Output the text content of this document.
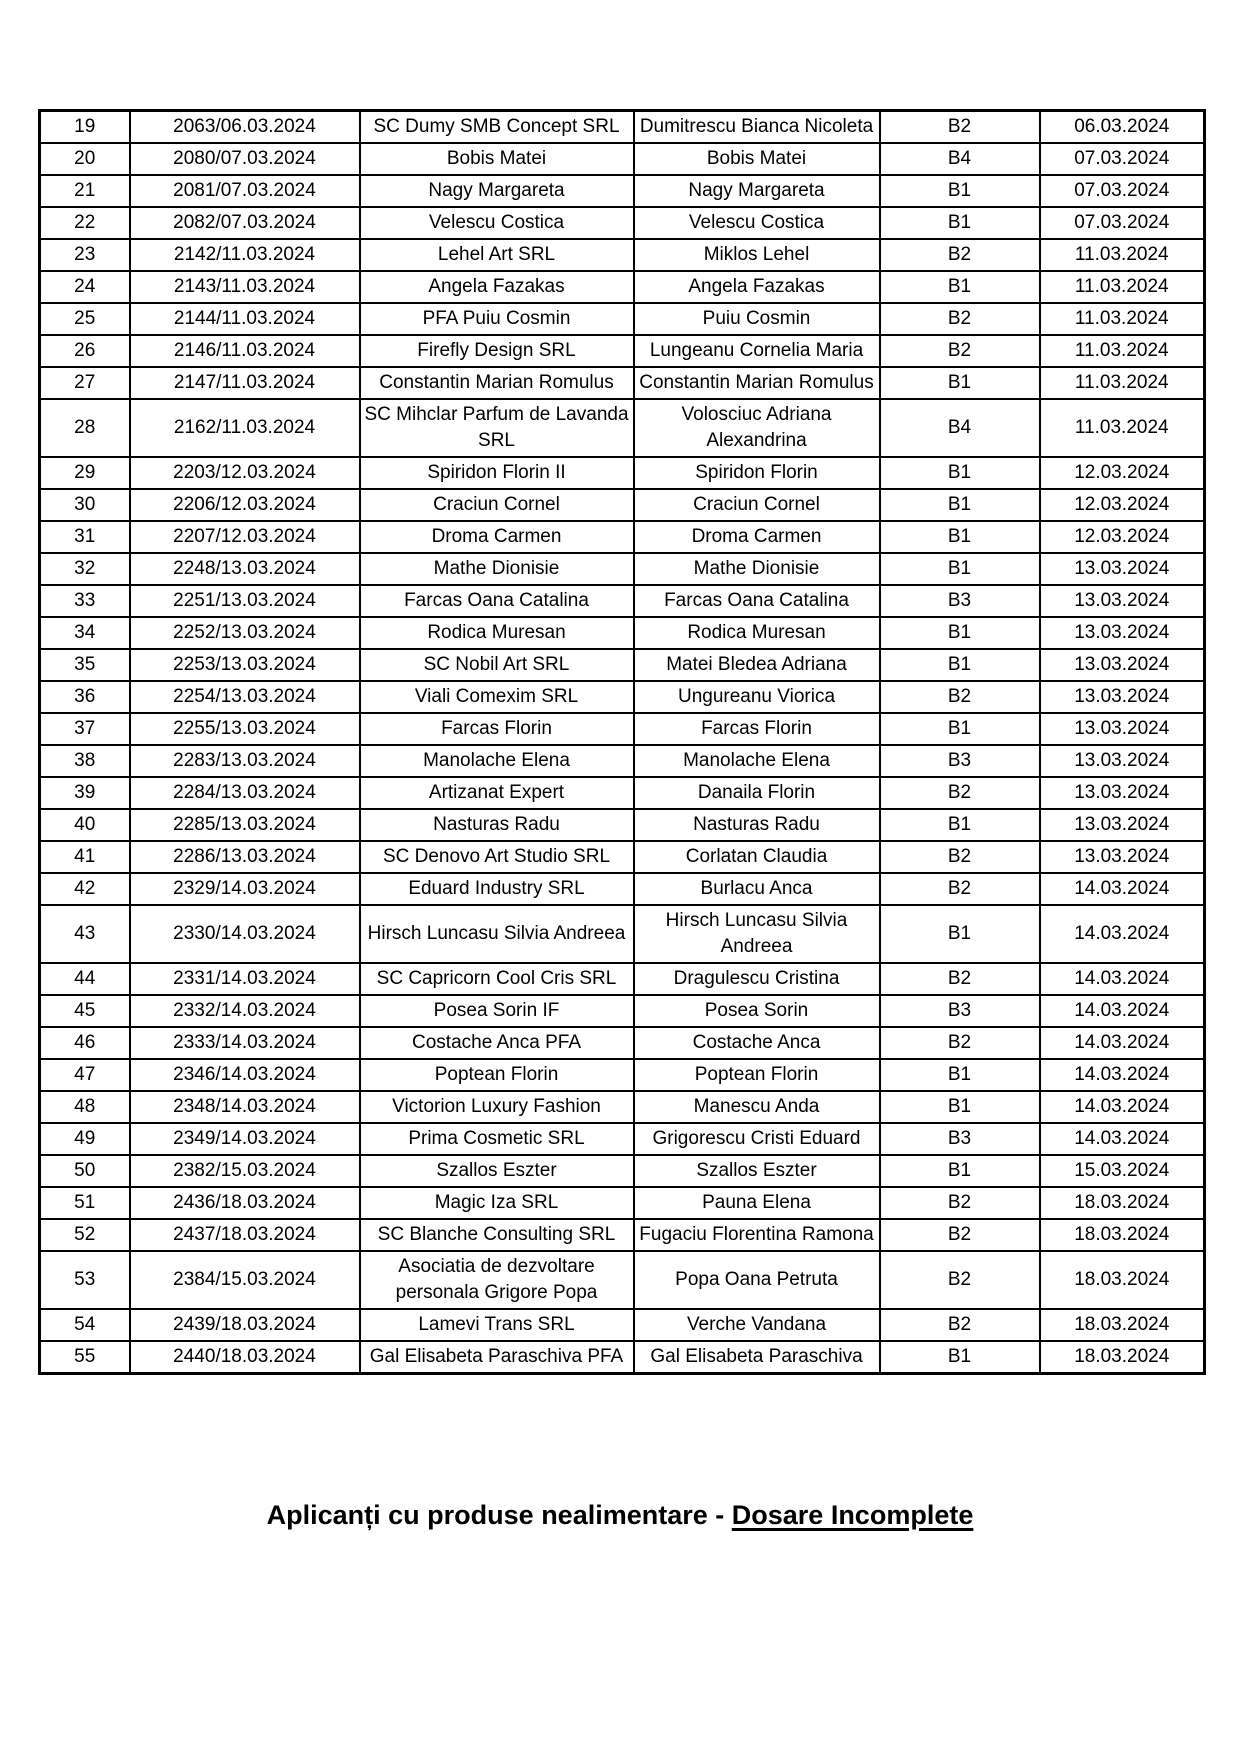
19	2063/06.03.2024	SC Dumy SMB Concept SRL	Dumitrescu Bianca Nicoleta	B2	06.03.2024
20	2080/07.03.2024	Bobis Matei	Bobis Matei	B4	07.03.2024
21	2081/07.03.2024	Nagy Margareta	Nagy Margareta	B1	07.03.2024
22	2082/07.03.2024	Velescu Costica	Velescu Costica	B1	07.03.2024
23	2142/11.03.2024	Lehel Art SRL	Miklos Lehel	B2	11.03.2024
24	2143/11.03.2024	Angela Fazakas	Angela Fazakas	B1	11.03.2024
25	2144/11.03.2024	PFA Puiu Cosmin	Puiu Cosmin	B2	11.03.2024
26	2146/11.03.2024	Firefly Design SRL	Lungeanu Cornelia Maria	B2	11.03.2024
27	2147/11.03.2024	Constantin Marian Romulus	Constantin Marian Romulus	B1	11.03.2024
28	2162/11.03.2024	SC Mihclar Parfum de Lavanda SRL	Volosciuc Adriana Alexandrina	B4	11.03.2024
29	2203/12.03.2024	Spiridon Florin II	Spiridon Florin	B1	12.03.2024
30	2206/12.03.2024	Craciun Cornel	Craciun Cornel	B1	12.03.2024
31	2207/12.03.2024	Droma Carmen	Droma Carmen	B1	12.03.2024
32	2248/13.03.2024	Mathe Dionisie	Mathe Dionisie	B1	13.03.2024
33	2251/13.03.2024	Farcas Oana Catalina	Farcas Oana Catalina	B3	13.03.2024
34	2252/13.03.2024	Rodica Muresan	Rodica Muresan	B1	13.03.2024
35	2253/13.03.2024	SC Nobil Art SRL	Matei Bledea Adriana	B1	13.03.2024
36	2254/13.03.2024	Viali Comexim SRL	Ungureanu Viorica	B2	13.03.2024
37	2255/13.03.2024	Farcas Florin	Farcas Florin	B1	13.03.2024
38	2283/13.03.2024	Manolache Elena	Manolache Elena	B3	13.03.2024
39	2284/13.03.2024	Artizanat Expert	Danaila Florin	B2	13.03.2024
40	2285/13.03.2024	Nasturas Radu	Nasturas Radu	B1	13.03.2024
41	2286/13.03.2024	SC Denovo Art Studio SRL	Corlatan Claudia	B2	13.03.2024
42	2329/14.03.2024	Eduard Industry SRL	Burlacu Anca	B2	14.03.2024
43	2330/14.03.2024	Hirsch Luncasu Silvia Andreea	Hirsch Luncasu Silvia Andreea	B1	14.03.2024
44	2331/14.03.2024	SC Capricorn Cool Cris SRL	Dragulescu Cristina	B2	14.03.2024
45	2332/14.03.2024	Posea Sorin IF	Posea Sorin	B3	14.03.2024
46	2333/14.03.2024	Costache Anca PFA	Costache Anca	B2	14.03.2024
47	2346/14.03.2024	Poptean Florin	Poptean Florin	B1	14.03.2024
48	2348/14.03.2024	Victorion Luxury Fashion	Manescu Anda	B1	14.03.2024
49	2349/14.03.2024	Prima Cosmetic SRL	Grigorescu Cristi Eduard	B3	14.03.2024
50	2382/15.03.2024	Szallos Eszter	Szallos Eszter	B1	15.03.2024
51	2436/18.03.2024	Magic Iza SRL	Pauna Elena	B2	18.03.2024
52	2437/18.03.2024	SC Blanche Consulting SRL	Fugaciu Florentina Ramona	B2	18.03.2024
53	2384/15.03.2024	Asociatia de dezvoltare personala Grigore Popa	Popa Oana Petruta	B2	18.03.2024
54	2439/18.03.2024	Lamevi Trans SRL	Verche Vandana	B2	18.03.2024
55	2440/18.03.2024	Gal Elisabeta Paraschiva PFA	Gal Elisabeta Paraschiva	B1	18.03.2024
Aplicanți cu produse nealimentare - Dosare Incomplete
